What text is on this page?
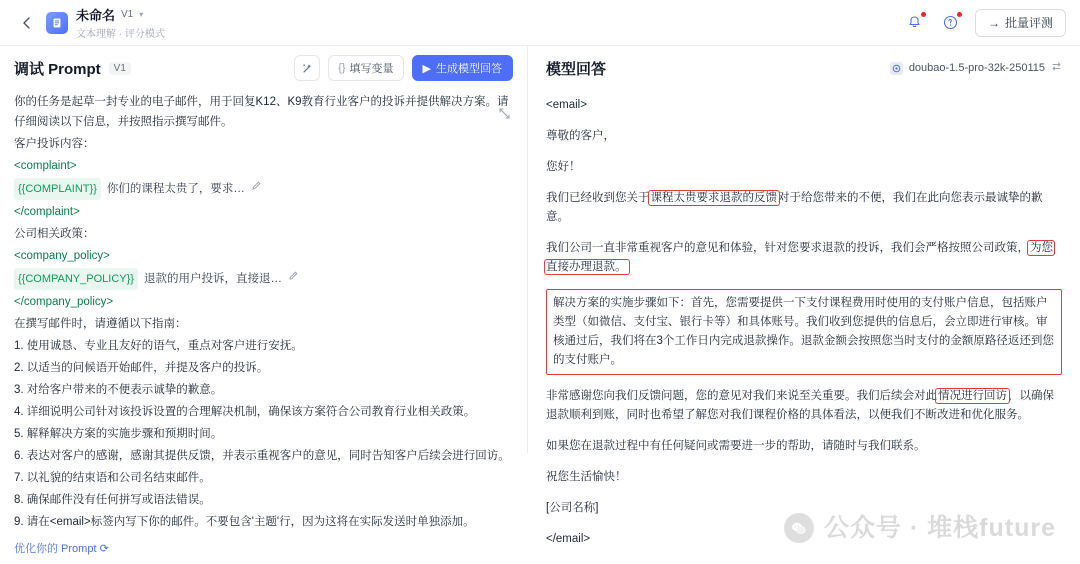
未命名 V1 ▾
文本理解 · 评分模式
→ 批量评测
调试 Prompt	V1	{} 填写变量	▶ 生成模型回答

你的任务是起草一封专业的电子邮件，用于回复K12、K9教育行业客户的投诉并提供解决方案。请仔细阅读以下信息，并按照指示撰写邮件。

客户投诉内容：

<complaint>

{{COMPLAINT}} 你们的课程太贵了，要求…

</complaint>

公司相关政策：

<company_policy>

{{COMPANY_POLICY}} 退款的用户投诉，直接退…

</company_policy>

在撰写邮件时，请遵循以下指南：

1. 使用诚恳、专业且友好的语气，重点对客户进行安抚。

2. 以适当的问候语开始邮件，并提及客户的投诉。

3. 对给客户带来的不便表示诚挚的歉意。

4. 详细说明公司针对该投诉设置的合理解决机制，确保该方案符合公司教育行业相关政策。

5. 解释解决方案的实施步骤和预期时间。

6. 表达对客户的感谢，感谢其提供反馈，并表示重视客户的意见，同时告知客户后续会进行回访。

7. 以礼貌的结束语和公司名结束邮件。

8. 确保邮件没有任何拼写或语法错误。

9. 请在<email>标签内写下你的邮件。不要包含'主题'行，因为这将在实际发送时单独添加。

优化你的 Prompt ⟳
模型回答	doubao-1.5-pro-32k-250115

<email>

尊敬的客户，

您好！

我们已经收到您关于课程太贵要求退款的反馈对于给您带来的不便，我们在此向您表示最诚挚的歉意。

我们公司一直非常重视客户的意见和体验，针对您要求退款的投诉，我们会严格按照公司政策，为您直接办理退款。

解决方案的实施步骤如下：首先，您需要提供一下支付课程费用时使用的支付账户信息，包括账户类型（如微信、支付宝、银行卡等）和具体账号。我们收到您提供的信息后，会立即进行审核。审核通过后，我们将在3个工作日内完成退款操作。退款金额会按照您当时支付的金额原路径返还到您的支付账户。

非常感谢您向我们反馈问题，您的意见对我们来说至关重要。我们后续会对此情况进行回访，以确保退款顺利到账，同时也希望了解您对我们课程价格的具体看法，以便我们不断改进和优化服务。

如果您在退款过程中有任何疑问或需要进一步的帮助，请随时与我们联系。

祝您生活愉快！

[公司名称]

</email>	公众号 · 堆栈future
